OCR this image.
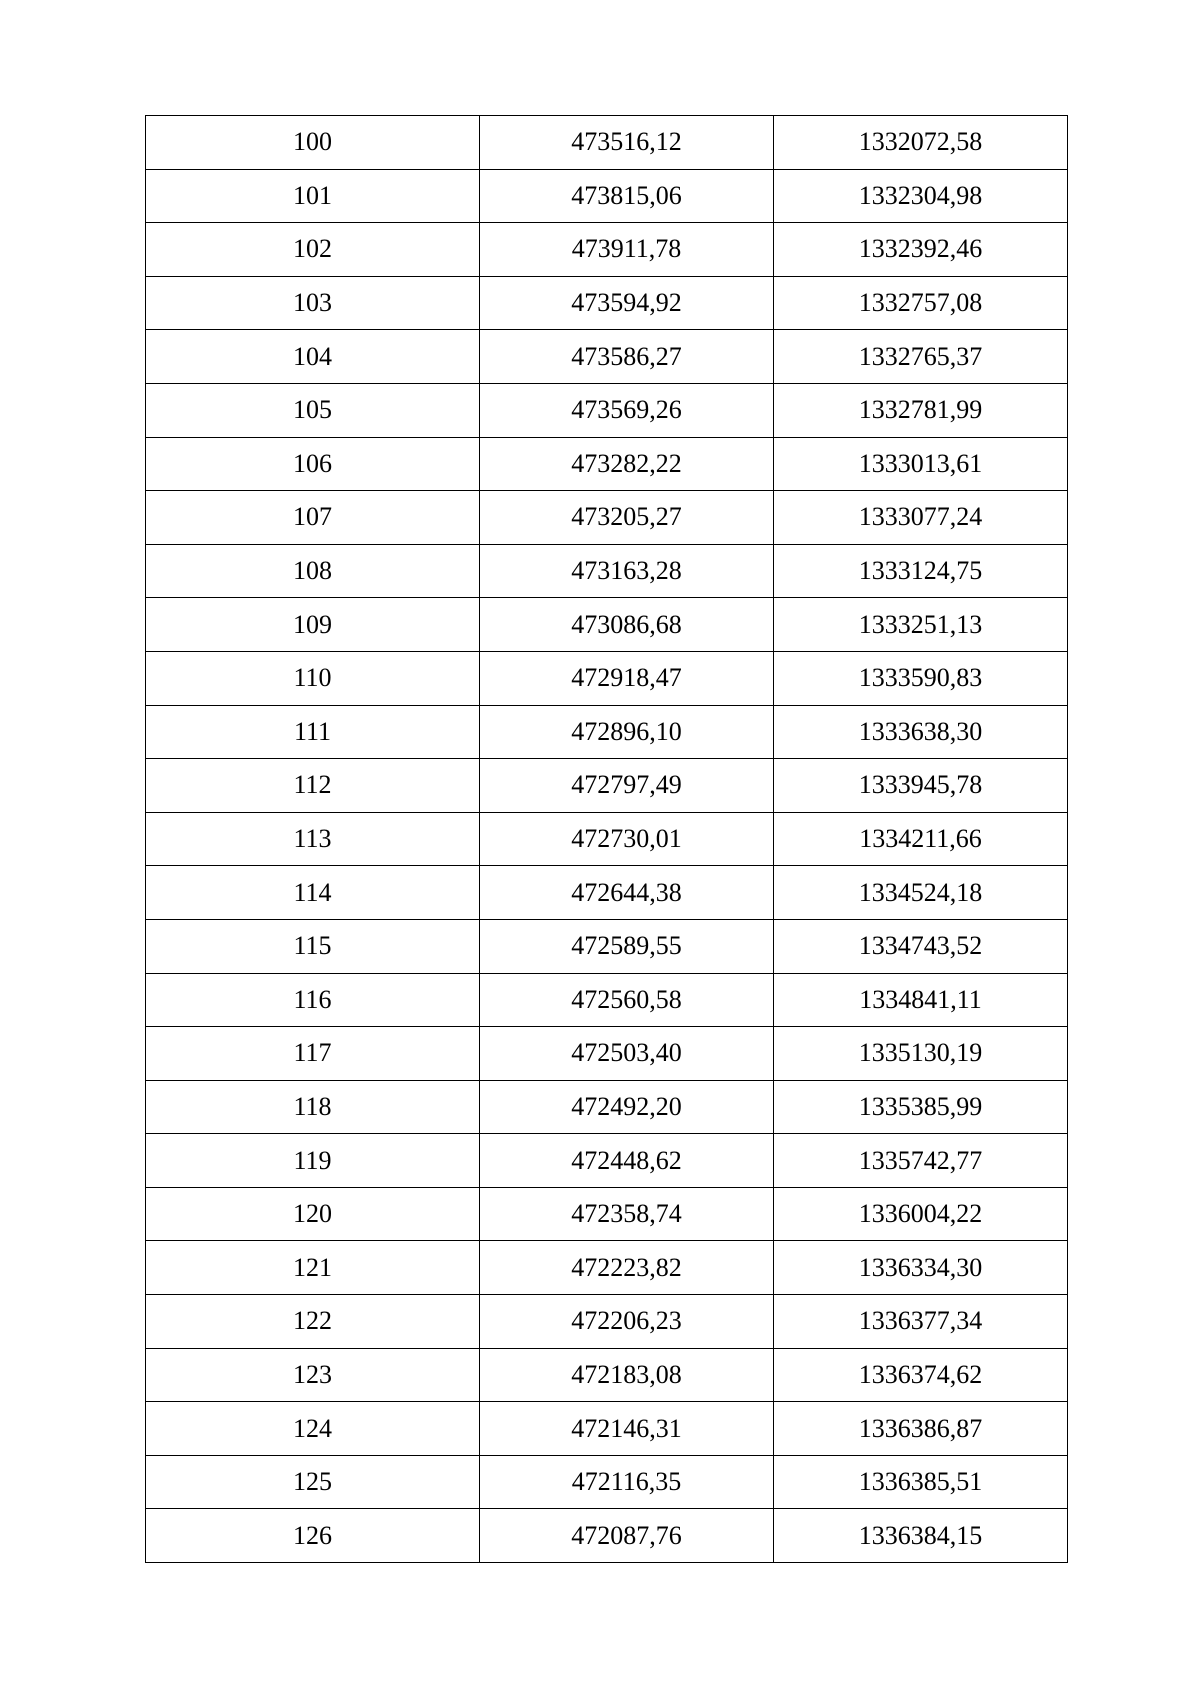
100	473516,12	1332072,58
101	473815,06	1332304,98
102	473911,78	1332392,46
103	473594,92	1332757,08
104	473586,27	1332765,37
105	473569,26	1332781,99
106	473282,22	1333013,61
107	473205,27	1333077,24
108	473163,28	1333124,75
109	473086,68	1333251,13
110	472918,47	1333590,83
111	472896,10	1333638,30
112	472797,49	1333945,78
113	472730,01	1334211,66
114	472644,38	1334524,18
115	472589,55	1334743,52
116	472560,58	1334841,11
117	472503,40	1335130,19
118	472492,20	1335385,99
119	472448,62	1335742,77
120	472358,74	1336004,22
121	472223,82	1336334,30
122	472206,23	1336377,34
123	472183,08	1336374,62
124	472146,31	1336386,87
125	472116,35	1336385,51
126	472087,76	1336384,15
